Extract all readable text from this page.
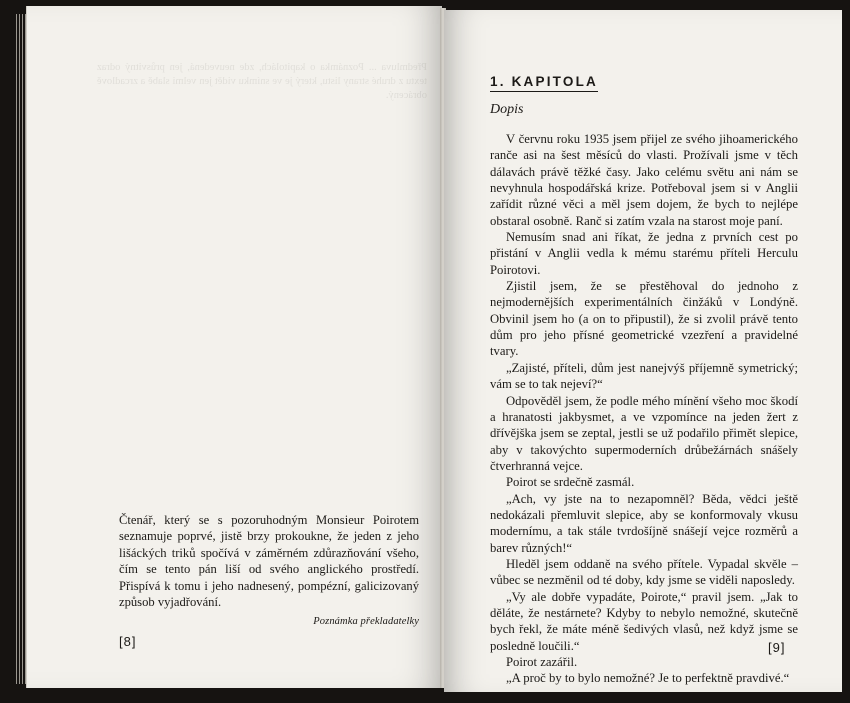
Předmluva ... Poznámka o kapitolách, zde neuvedená, jen průsvitný odraz textu z druhé strany listu, který je ve snímku vidět jen velmi slabě a zrcadlově obrácený.

Čtenář, který se s pozoruhodným Monsieur Poirotem seznamuje poprvé, jistě brzy prokoukne, že jeden z jeho lišáckých triků spočívá v záměrném zdůrazňování všeho, čím se tento pán liší od svého anglického prostředí. Přispívá k tomu i jeho nadnesený, pompézní, galicizovaný způsob vyjadřování.

Poznámka překladatelky

[8]
1. KAPITOLA
Dopis

V červnu roku 1935 jsem přijel ze svého jihoamerického ranče asi na šest měsíců do vlasti. Prožívali jsme v těch dálavách právě těžké časy. Jako celému světu ani nám se nevyhnula hospodářská krize. Potřeboval jsem si v Anglii zařídit různé věci a měl jsem dojem, že bych to nejlépe obstaral osobně. Ranč si zatím vzala na starost moje paní.

Nemusím snad ani říkat, že jedna z prvních cest po přistání v Anglii vedla k mému starému příteli Herculu Poirotovi.

Zjistil jsem, že se přestěhoval do jednoho z nejmodernějších experimentálních činžáků v Londýně. Obvinil jsem ho (a on to připustil), že si zvolil právě tento dům pro jeho přísné geometrické vzezření a pravidelné tvary.

„Zajisté, příteli, dům jest nanejvýš příjemně symetrický; vám se to tak nejeví?“

Odpověděl jsem, že podle mého mínění všeho moc škodí a hranatosti jakbysmet, a ve vzpomínce na jeden žert z dřívějška jsem se zeptal, jestli se už podařilo přimět slepice, aby v takovýchto supermoderních drůbežárnách snášely čtverhranná vejce.

Poirot se srdečně zasmál.

„Ach, vy jste na to nezapomněl? Běda, vědci ještě nedokázali přemluvit slepice, aby se konformovaly vkusu modernímu, a tak stále tvrdošíjně snášejí vejce rozměrů a barev různých!“

Hleděl jsem oddaně na svého přítele. Vypadal skvěle – vůbec se nezměnil od té doby, kdy jsme se viděli naposledy.

„Vy ale dobře vypadáte, Poirote,“ pravil jsem. „Jak to děláte, že nestárnete? Kdyby to nebylo nemožné, skutečně bych řekl, že máte méně šedivých vlasů, než když jsme se posledně loučili.“

Poirot zazářil.

„A proč by to bylo nemožné? Je to perfektně pravdivé.“

[9]
